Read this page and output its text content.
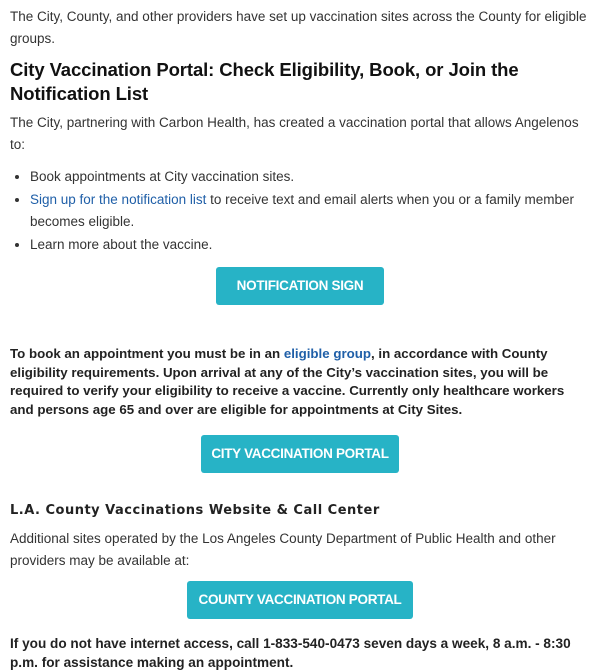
The City, County, and other providers have set up vaccination sites across the County for eligible groups.

City Vaccination Portal: Check Eligibility, Book, or Join the Notification List

The City, partnering with Carbon Health, has created a vaccination portal that allows Angelenos to:

• Book appointments at City vaccination sites.
• Sign up for the notification list to receive text and email alerts when you or a family member becomes eligible.
• Learn more about the vaccine.
NOTIFICATION SIGN UP

To book an appointment you must be in an eligible group, in accordance with County eligibility requirements. Upon arrival at any of the City’s vaccination sites, you will be required to verify your eligibility to receive a vaccine. Currently only healthcare workers and persons age 65 and over are eligible for appointments at City Sites.

CITY VACCINATION PORTAL
L.A. County Vaccinations Website & Call Center

Additional sites operated by the Los Angeles County Department of Public Health and other providers may be available at:

COUNTY VACCINATION PORTAL

If you do not have internet access, call 1-833-540-0473 seven days a week, 8 a.m. - 8:30 p.m. for assistance making an appointment.
